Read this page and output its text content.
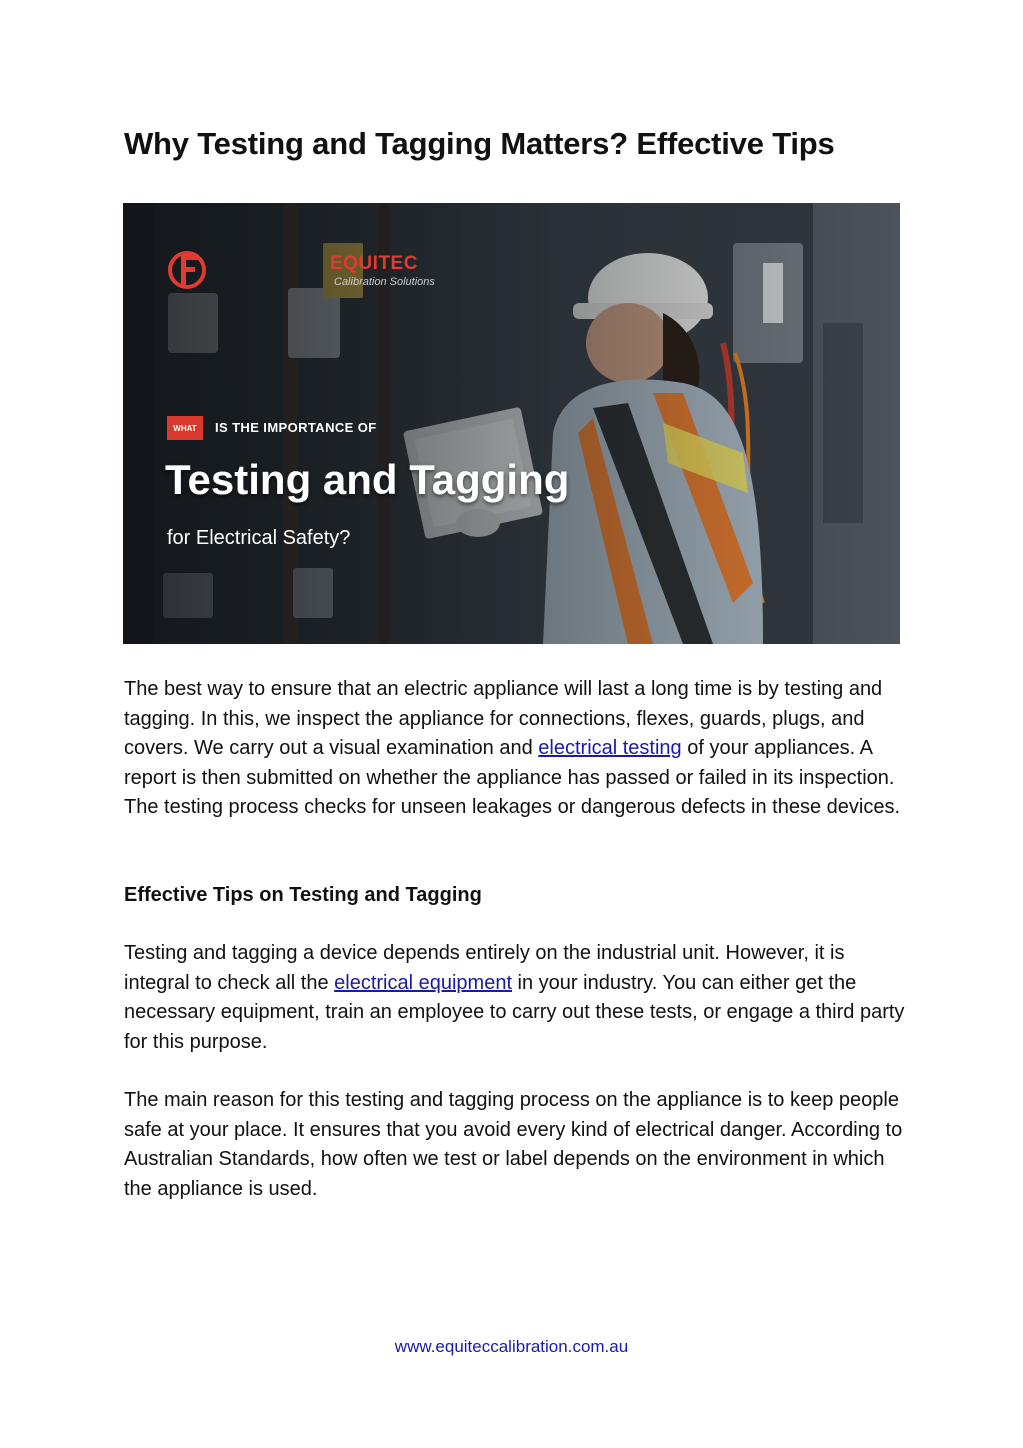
Why Testing and Tagging Matters? Effective Tips
EQUITEC
Calibration Solutions
WHAT	IS THE IMPORTANCE OF
Testing and Tagging
for Electrical Safety?

The best way to ensure that an electric appliance will last a long time is by testing and tagging. In this, we inspect the appliance for connections, flexes, guards, plugs, and covers. We carry out a visual examination and electrical testing of your appliances. A report is then submitted on whether the appliance has passed or failed in its inspection. The testing process checks for unseen leakages or dangerous defects in these devices.

Effective Tips on Testing and Tagging

Testing and tagging a device depends entirely on the industrial unit. However, it is integral to check all the electrical equipment in your industry. You can either get the necessary equipment, train an employee to carry out these tests, or engage a third party for this purpose.

The main reason for this testing and tagging process on the appliance is to keep people safe at your place. It ensures that you avoid every kind of electrical danger. According to Australian Standards, how often we test or label depends on the environment in which the appliance is used.

www.equiteccalibration.com.au
